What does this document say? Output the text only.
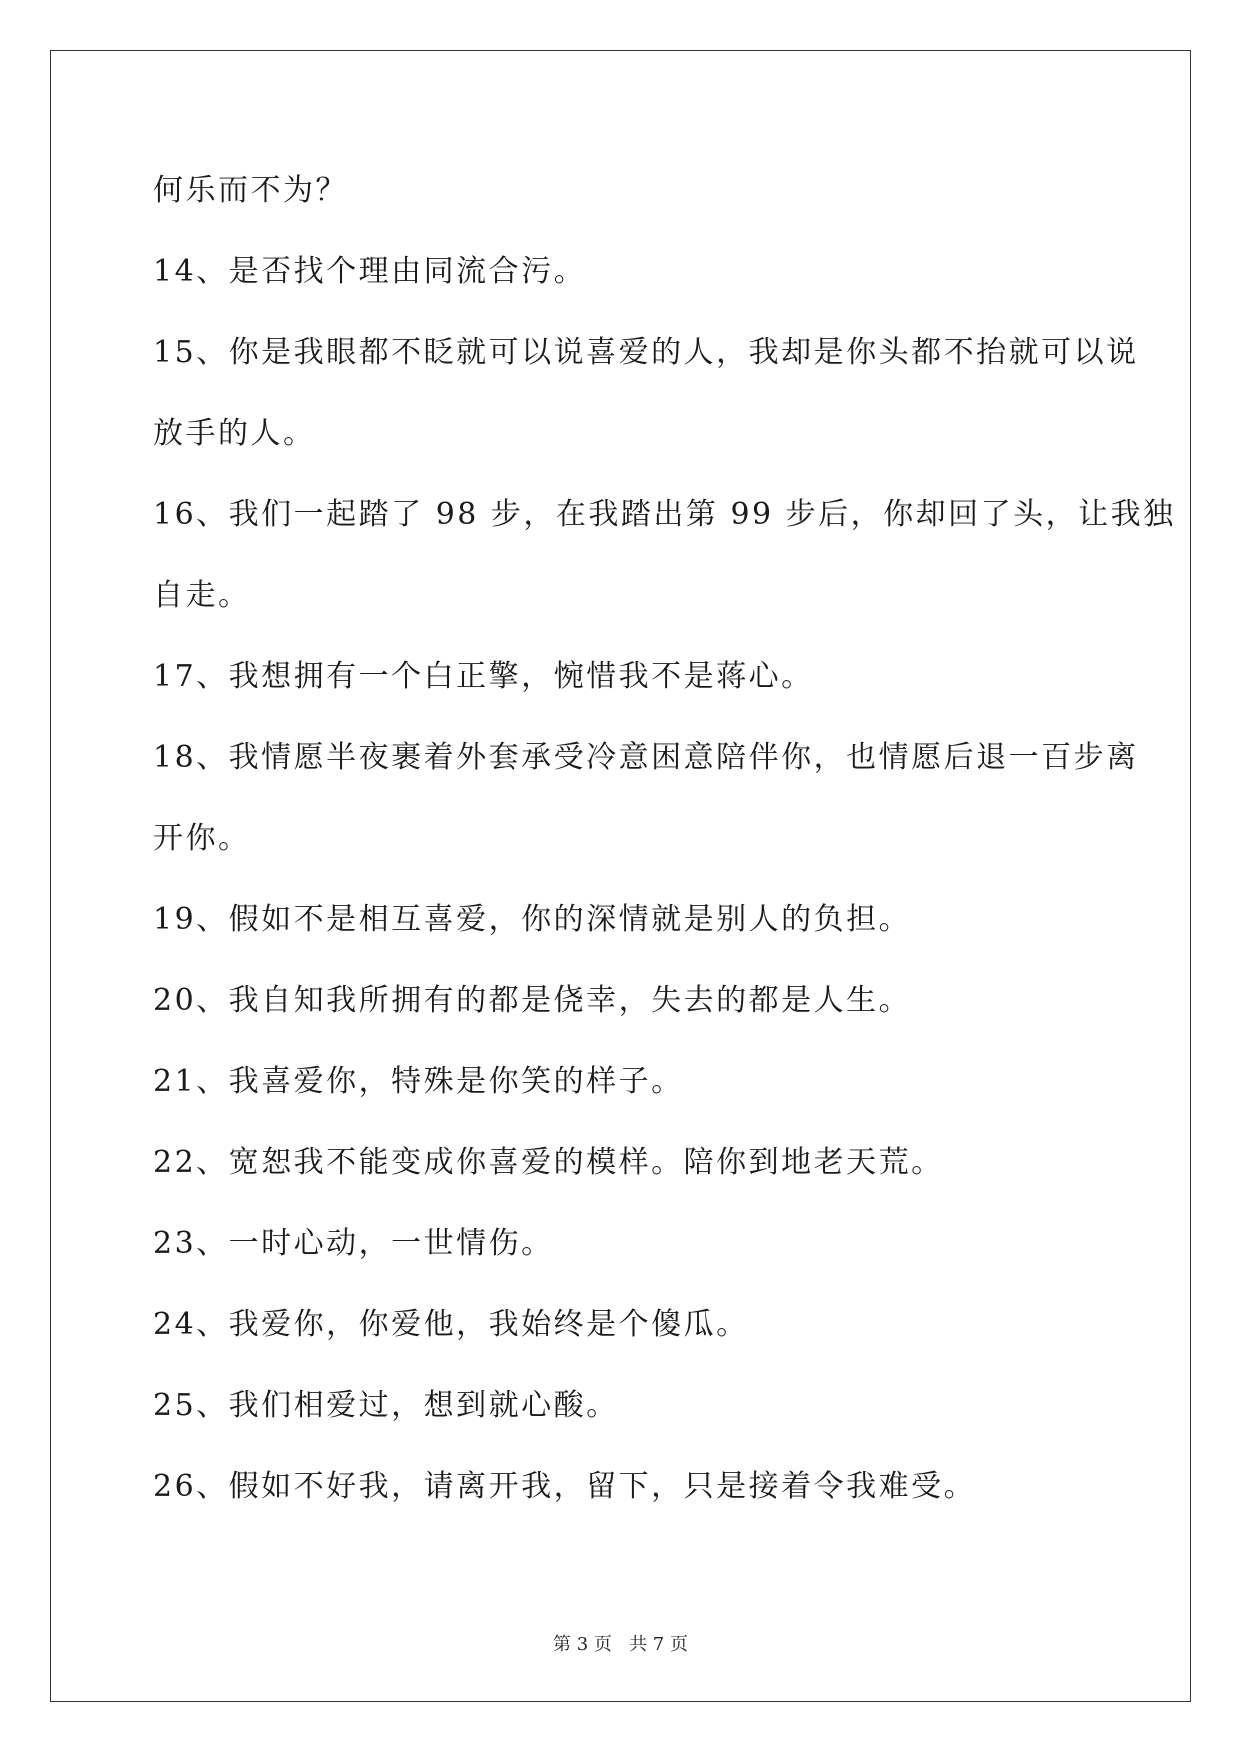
何乐而不为？
14、是否找个理由同流合污。
15、你是我眼都不眨就可以说喜爱的人，我却是你头都不抬就可以说
放手的人。
16、我们一起踏了 98 步，在我踏出第 99 步后，你却回了头，让我独
自走。
17、我想拥有一个白正擎，惋惜我不是蒋心。
18、我情愿半夜裹着外套承受冷意困意陪伴你，也情愿后退一百步离
开你。
19、假如不是相互喜爱，你的深情就是别人的负担。
20、我自知我所拥有的都是侥幸，失去的都是人生。
21、我喜爱你，特殊是你笑的样子。
22、宽恕我不能变成你喜爱的模样。陪你到地老天荒。
23、一时心动，一世情伤。
24、我爱你，你爱他，我始终是个傻瓜。
25、我们相爱过，想到就心酸。
26、假如不好我，请离开我，留下，只是接着令我难受。
第 3 页   共 7 页
